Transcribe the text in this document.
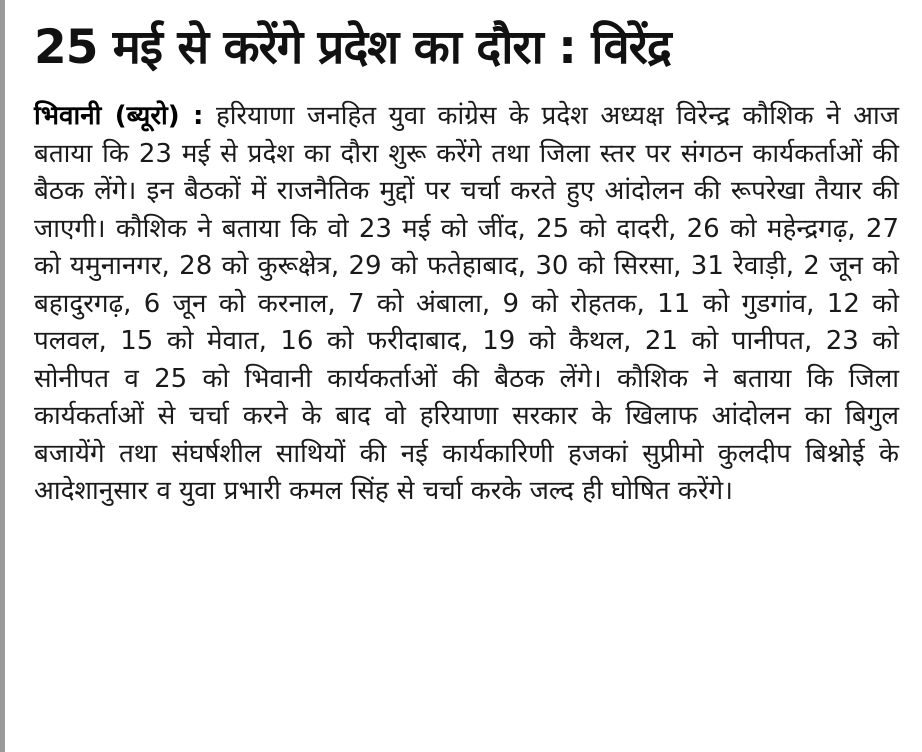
25 मई से करेंगे प्रदेश का दौरा : विरेंद्र
भिवानी (ब्यूरो) : हरियाणा जनहित युवा कांग्रेस के प्रदेश अध्यक्ष विरेन्द्र कौशिक ने आज बताया कि 23 मई से प्रदेश का दौरा शुरू करेंगे तथा जिला स्तर पर संगठन कार्यकर्ताओं की बैठक लेंगे। इन बैठकों में राजनैतिक मुद्दों पर चर्चा करते हुए आंदोलन की रूपरेखा तैयार की जाएगी। कौशिक ने बताया कि वो 23 मई को जींद, 25 को दादरी, 26 को महेन्द्रगढ़, 27 को यमुनानगर, 28 को कुरूक्षेत्र, 29 को फतेहाबाद, 30 को सिरसा, 31 रेवाड़ी, 2 जून को बहादुरगढ़, 6 जून को करनाल, 7 को अंबाला, 9 को रोहतक, 11 को गुडगांव, 12 को पलवल, 15 को मेवात, 16 को फरीदाबाद, 19 को कैथल, 21 को पानीपत, 23 को सोनीपत व 25 को भिवानी कार्यकर्ताओं की बैठक लेंगे। कौशिक ने बताया कि जिला कार्यकर्ताओं से चर्चा करने के बाद वो हरियाणा सरकार के खिलाफ आंदोलन का बिगुल बजायेंगे तथा संघर्षशील साथियों की नई कार्यकारिणी हजकां सुप्रीमो कुलदीप बिश्नोई के आदेशानुसार व युवा प्रभारी कमल सिंह से चर्चा करके जल्द ही घोषित करेंगे।
